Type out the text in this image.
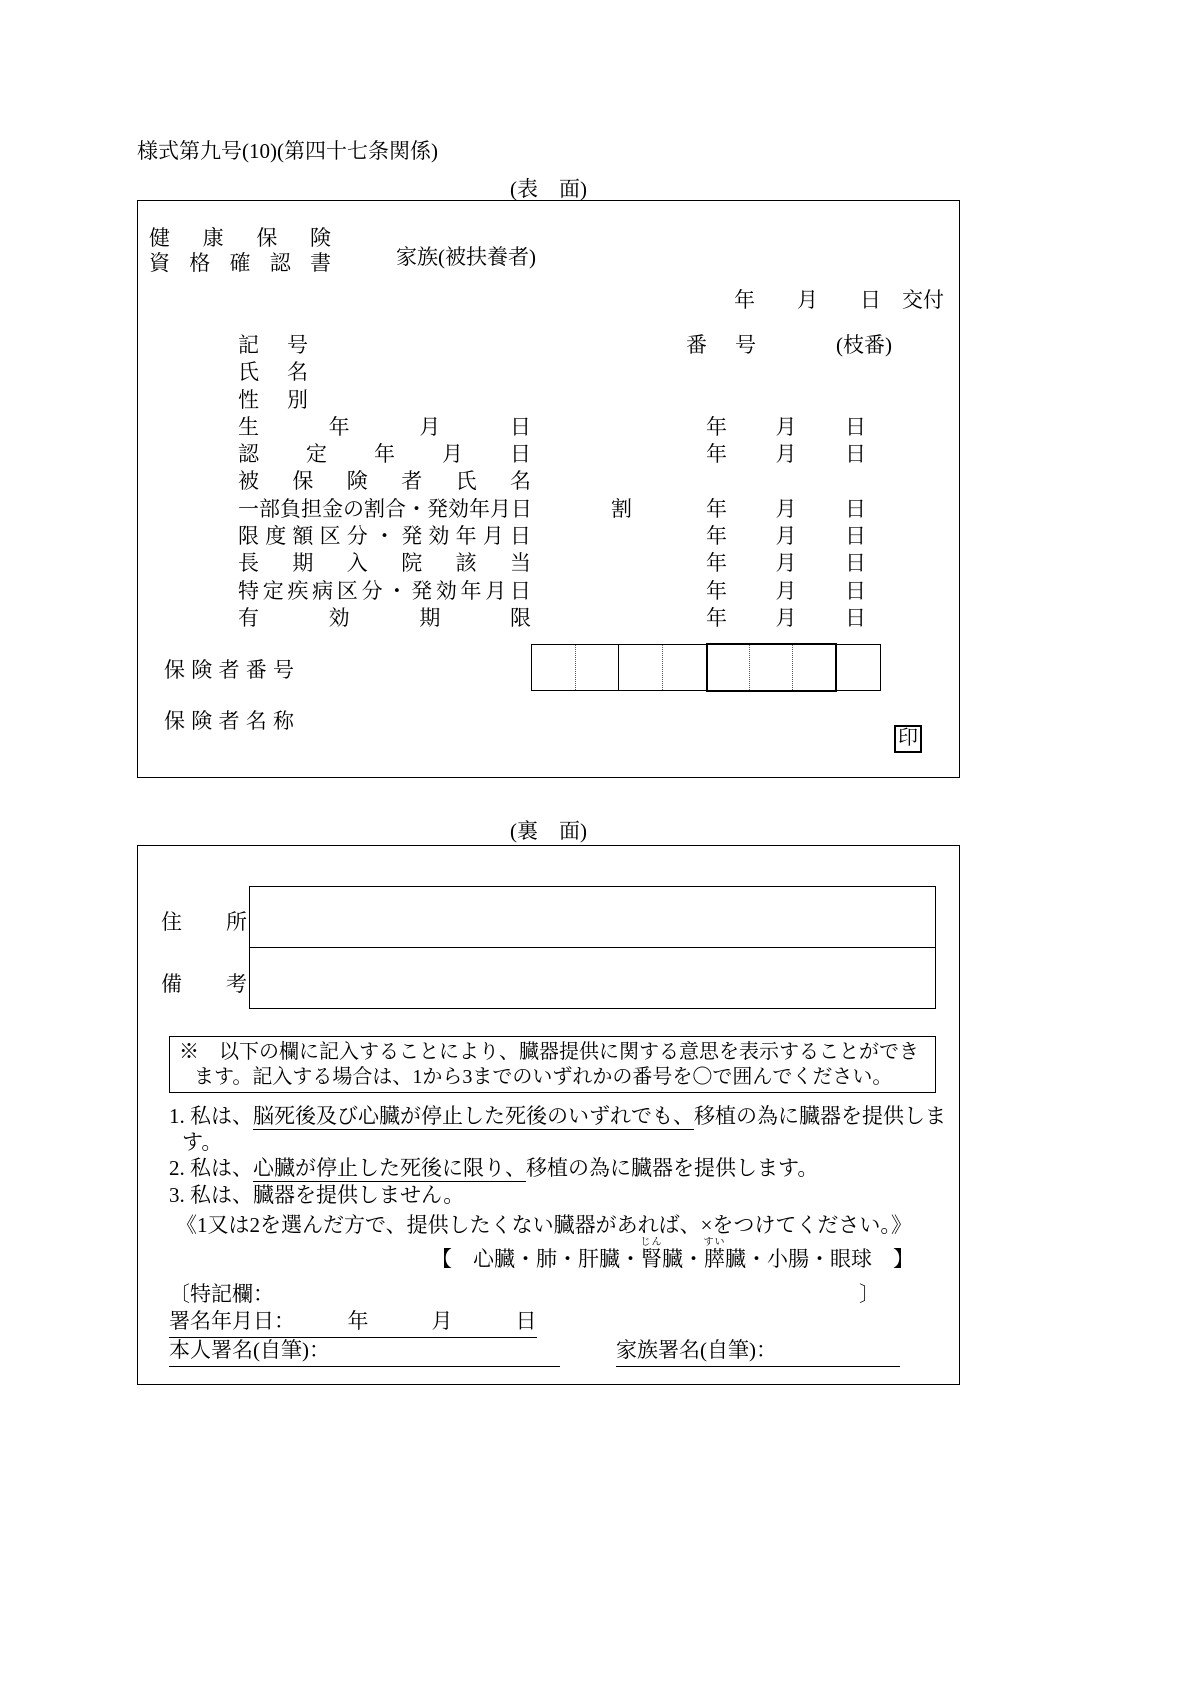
様式第九号(10)(第四十七条関係)
(表　面)
健康保険
資格確認書	家族(被扶養者)
年　　月　　日　交付
記号	番号	(枝番)
氏名
性別
生年月日	年 月 日
認定年月日	年 月 日
被保険者氏名
一部負担金の割合・発効年月日	割	年 月 日
限度額区分・発効年月日	年 月 日
長期入院該当	年 月 日
特定疾病区分・発効年月日	年 月 日
有効期限	年 月 日
保険者番号
保険者名称
印
(裏　面)
住所
備考
※　以下の欄に記入することにより、臓器提供に関する意思を表示することができ
ます。記入する場合は、1から3までのいずれかの番号を〇で囲んでください。
1. 私は、脳死後及び心臓が停止した死後のいずれでも、移植の為に臓器を提供しま
す。
2. 私は、心臓が停止した死後に限り、移植の為に臓器を提供します。
3. 私は、臓器を提供しません。
《1又は2を選んだ方で、提供したくない臓器があれば、×をつけてください。》
【　心臓・肺・肝臓・腎じん臓・膵すい臓・小腸・眼球　】
〔特記欄：	〕
署名年月日：　　　年　　　月　　　日
本人署名(自筆)：	家族署名(自筆)：
